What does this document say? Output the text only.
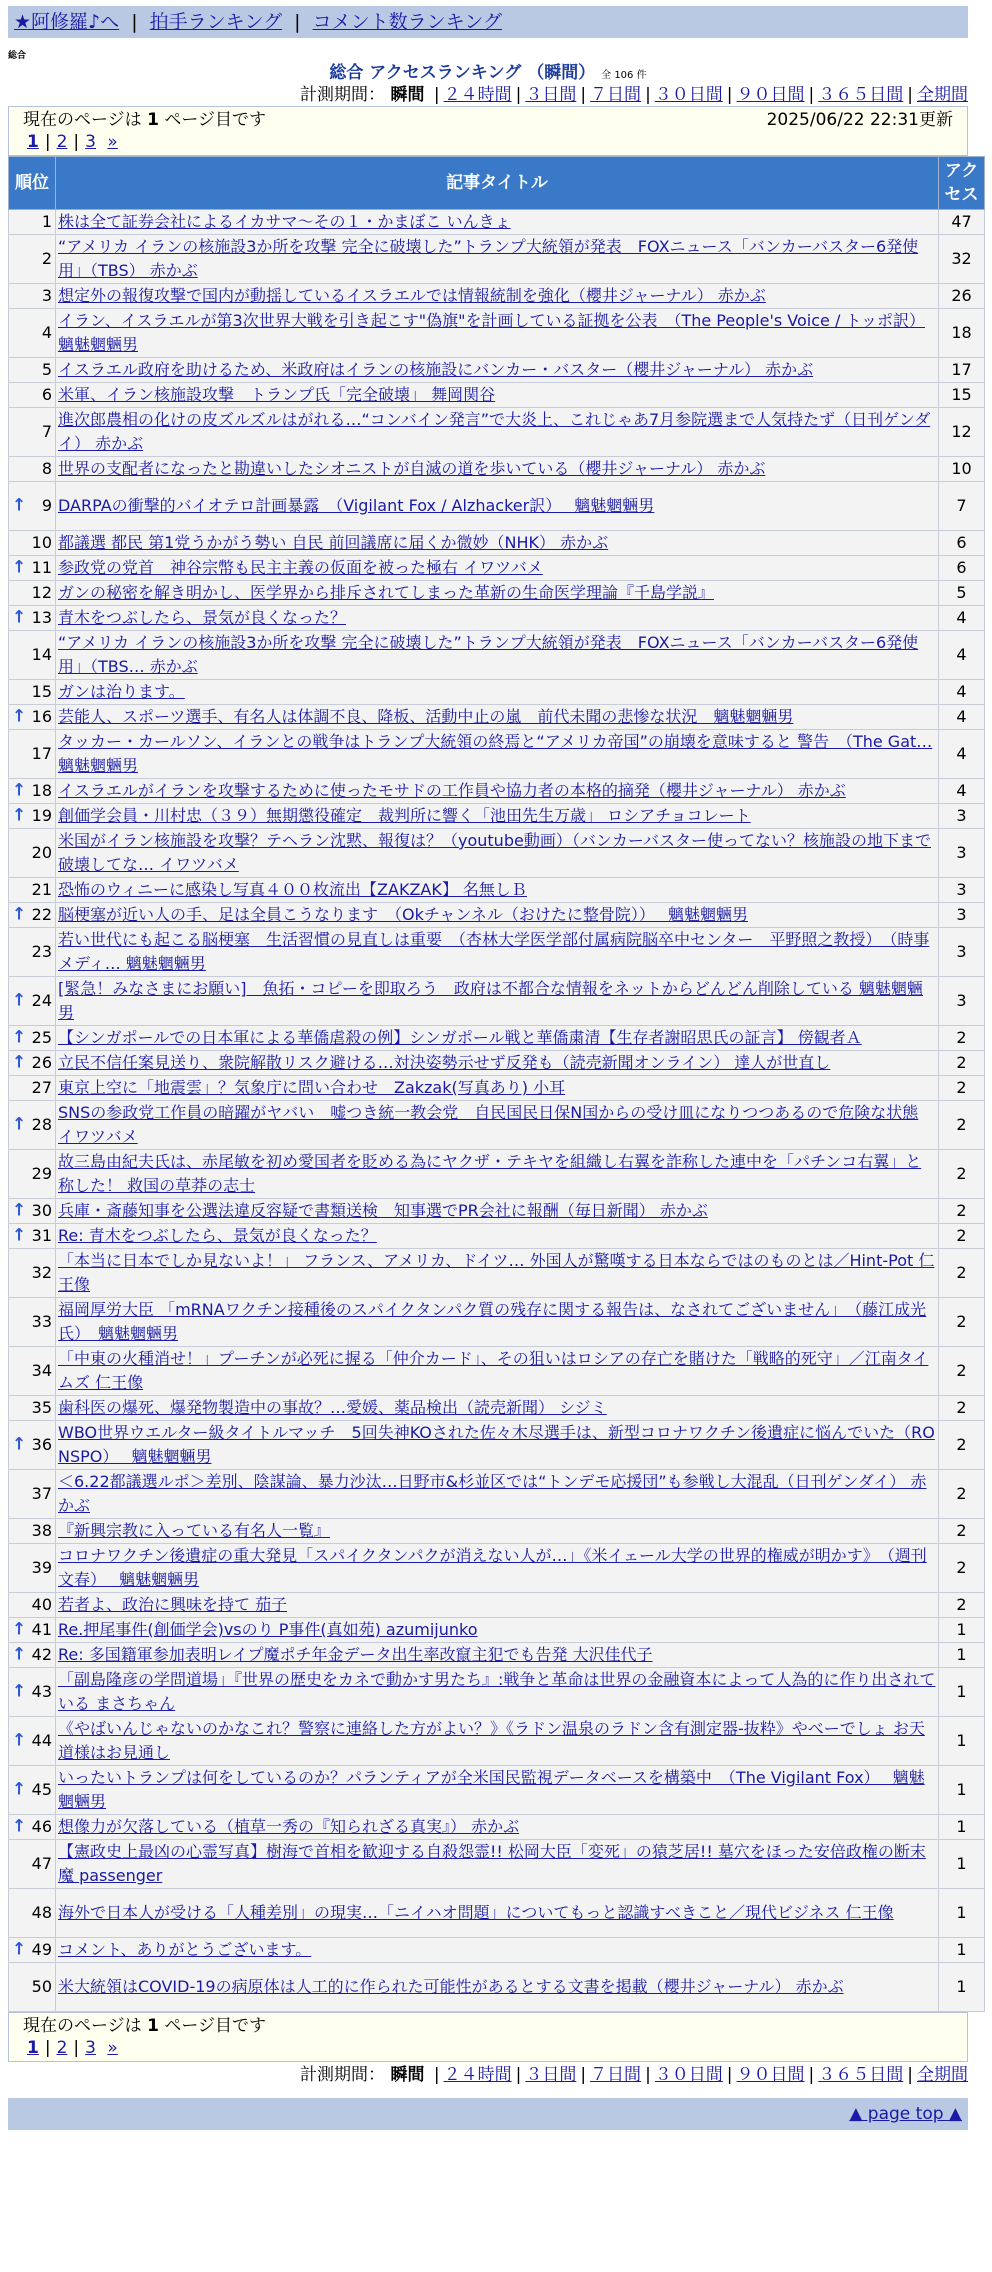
★阿修羅♪へ | 拍手ランキング | コメント数ランキング
総合
総合 アクセスランキング （瞬間） 全 106 件
計測期間： 瞬間 | ２４時間 | ３日間 | ７日間 | ３０日間 | ９０日間 | ３６５日間 | 全期間
現在のページは 1 ページ目です	2025/06/22 22:31更新
1 | 2 | 3 »
順位	記事タイトル	アクセス
1	株は全て証券会社によるイカサマ〜その１・かまぼこ いんきょ	47
2	“アメリカ イランの核施設3か所を攻撃 完全に破壊した”トランプ大統領が発表　FOXニュース「バンカーバスター6発使用」（TBS） 赤かぶ	32
3	想定外の報復攻撃で国内が動揺しているイスラエルでは情報統制を強化（櫻井ジャーナル） 赤かぶ	26
4	イラン、イスラエルが第3次世界大戦を引き起こす"偽旗"を計画している証拠を公表　（The People's Voice / トッポ訳） 魑魅魍魎男	18
5	イスラエル政府を助けるため、米政府はイランの核施設にバンカー・バスター（櫻井ジャーナル） 赤かぶ	17
6	米軍、イラン核施設攻撃　トランプ氏「完全破壊」 舞岡関谷	15
7	進次郎農相の化けの皮ズルズルはがれる…“コンバイン発言”で大炎上、これじゃあ7月参院選まで人気持たず（日刊ゲンダイ） 赤かぶ	12
8	世界の支配者になったと勘違いしたシオニストが自滅の道を歩いている（櫻井ジャーナル） 赤かぶ	10

↑ 9	DARPAの衝撃的バイオテロ計画暴露　（Vigilant Fox / Alzhacker訳）　 魑魅魍魎男	7
10	都議選 都民 第1党うかがう勢い 自民 前回議席に届くか微妙（NHK） 赤かぶ	6

↑ 11	参政党の党首　神谷宗幣も民主主義の仮面を被った極右 イワツバメ	6
12	ガンの秘密を解き明かし、医学界から排斥されてしまった革新の生命医学理論『千島学説』	5

↑ 13	青木をつぶしたら、景気が良くなった？	4
14	“アメリカ イランの核施設3か所を攻撃 完全に破壊した”トランプ大統領が発表　FOXニュース「バンカーバスター6発使用」（TBS… 赤かぶ	4
15	ガンは治ります。	4

↑ 16	芸能人、スポーツ選手、有名人は体調不良、降板、活動中止の嵐　前代未聞の悲惨な状況　魑魅魍魎男	4
17	タッカー・カールソン、イランとの戦争はトランプ大統領の終焉と“アメリカ帝国”の崩壊を意味すると 警告　（The Gat… 魑魅魍魎男	4

↑ 18	イスラエルがイランを攻撃するために使ったモサドの工作員や協力者の本格的摘発（櫻井ジャーナル） 赤かぶ	4

↑ 19	創価学会員・川村忠（３９）無期懲役確定　裁判所に響く「池田先生万歳」 ロシアチョコレート	3
20	米国がイラン核施設を攻撃？テヘラン沈黙、報復は？（youtube動画）（バンカーバスター使ってない？核施設の地下まで破壊してな… イワツバメ	3
21	恐怖のウィニーに感染し写真４００枚流出【ZAKZAK】 名無しＢ	3

↑ 22	脳梗塞が近い人の手、足は全員こうなります　（Okチャンネル（おけたに整骨院））　 魑魅魍魎男	3
23	若い世代にも起こる脳梗塞　生活習慣の見直しは重要　（杏林大学医学部付属病院脳卒中センター　平野照之教授）　（時事メディ… 魑魅魍魎男	3

↑ 24	[緊急！みなさまにお願い]　魚拓・コピーを即取ろう　政府は不都合な情報をネットからどんどん削除している 魑魅魍魎男	3

↑ 25	【シンガポールでの日本軍による華僑虐殺の例】シンガポール戦と華僑粛清【生存者謝昭思氏の証言】 傍観者Ａ	2

↑ 26	立民不信任案見送り、衆院解散リスク避ける…対決姿勢示せず反発も（読売新聞オンライン） 達人が世直し	2
27	東京上空に「地震雲」？気象庁に問い合わせ　Zakzak(写真あり) 小耳	2

↑ 28	SNSの参政党工作員の暗躍がヤバい　嘘つき統一教会党　自民国民日保N国からの受け皿になりつつあるので危険な状態 イワツバメ	2
29	故三島由紀夫氏は、赤尾敏を初め愛国者を貶める為にヤクザ・テキヤを組織し右翼を詐称した連中を「パチンコ右翼」と称した！ 救国の草莽の志士	2

↑ 30	兵庫・斎藤知事を公選法違反容疑で書類送検　知事選でPR会社に報酬（毎日新聞） 赤かぶ	2

↑ 31	Re: 青木をつぶしたら、景気が良くなった？	2
32	「本当に日本でしか見ないよ！」 フランス、アメリカ、ドイツ… 外国人が驚嘆する日本ならではのものとは／Hint-Pot 仁王像	2
33	福岡厚労大臣 「mRNAワクチン接種後のスパイクタンパク質の残存に関する報告は、なされてございません」　（藤江成光氏）　魑魅魍魎男	2
34	「中東の火種消せ！」プーチンが必死に握る「仲介カード」、その狙いはロシアの存亡を賭けた「戦略的死守」／江南タイムズ 仁王像	2
35	歯科医の爆死、爆発物製造中の事故？…愛媛、薬品検出（読売新聞） シジミ	2

↑ 36	WBO世界ウエルター級タイトルマッチ　5回失神KOされた佐々木尽選手は、新型コロナワクチン後遺症に悩んでいた（RONSPO）　 魑魅魍魎男	2
37	＜6.22都議選ルポ＞差別、陰謀論、暴力沙汰…日野市&杉並区では“トンデモ応援団”も参戦し大混乱（日刊ゲンダイ） 赤かぶ	2
38	『新興宗教に入っている有名人一覧』	2
39	コロナワクチン後遺症の重大発見「スパイクタンパクが消えない人が…」《米イェール大学の世界的権威が明かす》　（週刊文春）　 魑魅魍魎男	2
40	若者よ、政治に興味を持て 茄子	2

↑ 41	Re.押尾事件(創価学会)vsのり P事件(真如苑) azumijunko	1

↑ 42	Re: 多国籍軍参加表明レイプ魔ポチ年金データ出生率改竄主犯でも告発 大沢佳代子	1

↑ 43	「副島隆彦の学問道場」『世界の歴史をカネで動かす男たち』:戦争と革命は世界の金融資本によって人為的に作り出されている まさちゃん	1

↑ 44	《やばいんじゃないのかなこれ？警察に連絡した方がよい？》《ラドン温泉のラドン含有測定器-抜粋》やべーでしょ お天道様はお見通し	1

↑ 45	いったいトランプは何をしているのか？パランティアが全米国民監視データベースを構築中　（The Vigilant Fox）　 魑魅魍魎男	1

↑ 46	想像力が欠落している（植草一秀の『知られざる真実』） 赤かぶ	1
47	【憲政史上最凶の心霊写真】樹海で首相を歓迎する自殺怨霊!! 松岡大臣「変死」の猿芝居!! 墓穴をほった安倍政権の断末魔 passenger	1
48	海外で日本人が受ける「人種差別」の現実…「ニイハオ問題」についてもっと認識すべきこと／現代ビジネス 仁王像	1

↑ 49	コメント、ありがとうございます。	1
50	米大統領はCOVID-19の病原体は人工的に作られた可能性があるとする文書を掲載（櫻井ジャーナル） 赤かぶ	1
現在のページは 1 ページ目です
1 | 2 | 3 »
計測期間： 瞬間 | ２４時間 | ３日間 | ７日間 | ３０日間 | ９０日間 | ３６５日間 | 全期間
▲ page top ▲
